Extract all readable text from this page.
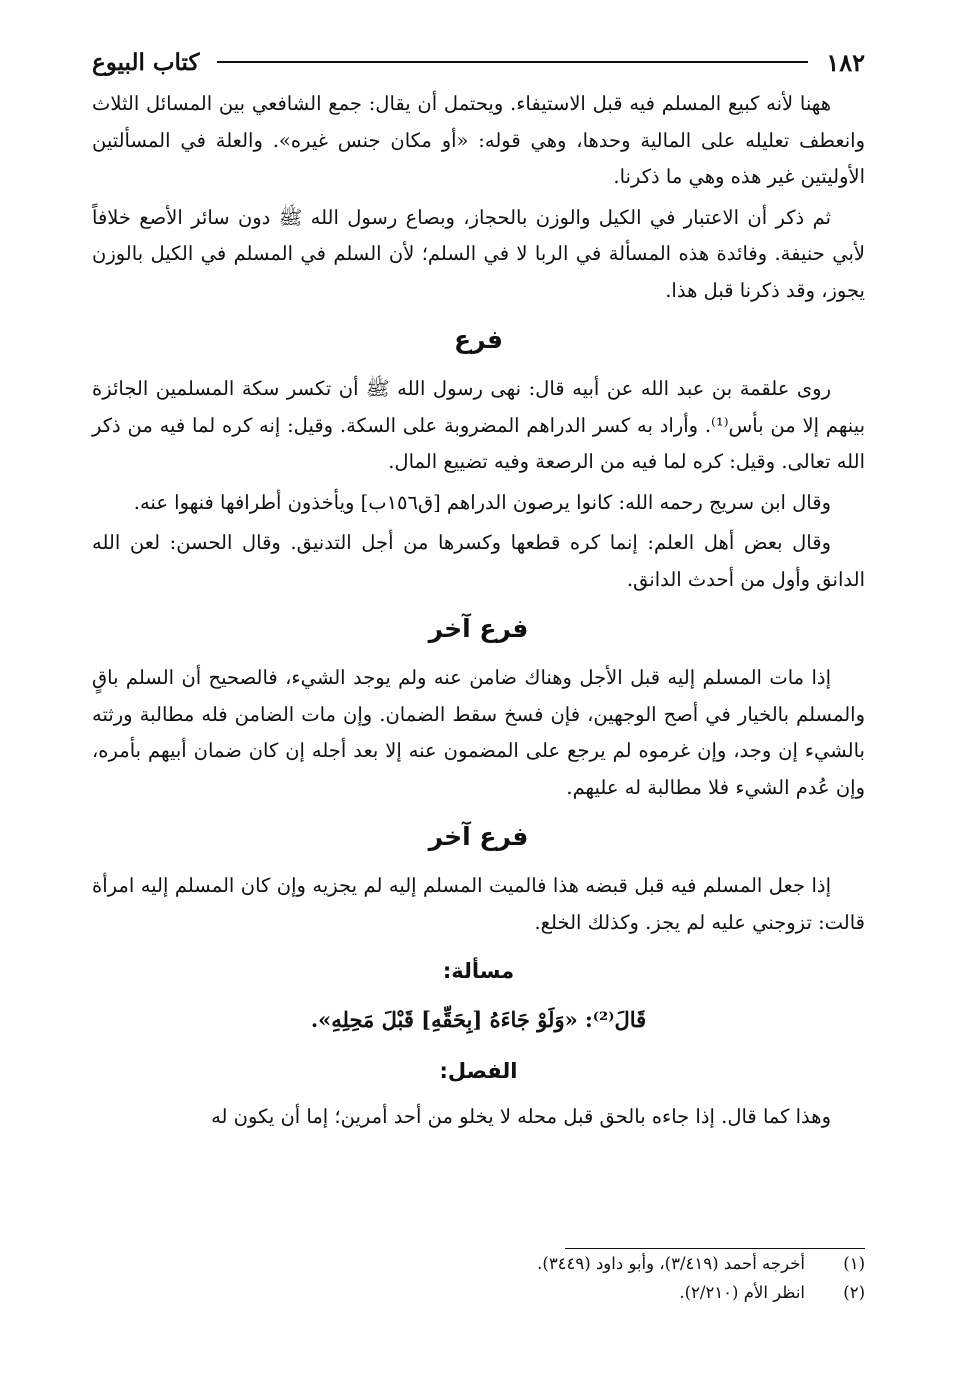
١٨٢
كتاب البيوع

ههنا لأنه كبيع المسلم فيه قبل الاستيفاء. ويحتمل أن يقال: جمع الشافعي بين المسائل الثلاث وانعطف تعليله على المالية وحدها، وهي قوله: «أو مكان جنس غيره». والعلة في المسألتين الأوليتين غير هذه وهي ما ذكرنا.

ثم ذكر أن الاعتبار في الكيل والوزن بالحجاز، وبصاع رسول الله ﷺ دون سائر الأصع خلافاً لأبي حنيفة. وفائدة هذه المسألة في الربا لا في السلم؛ لأن السلم في المسلم في الكيل بالوزن يجوز، وقد ذكرنا قبل هذا.

فرع

روى علقمة بن عبد الله عن أبيه قال: نهى رسول الله ﷺ أن تكسر سكة المسلمين الجائزة بينهم إلا من بأس⁽¹⁾. وأراد به كسر الدراهم المضروبة على السكة. وقيل: إنه كره لما فيه من ذكر الله تعالى. وقيل: كره لما فيه من الرصعة وفيه تضييع المال.

وقال ابن سريج رحمه الله: كانوا يرصون الدراهم [ق١٥٦ب] ويأخذون أطرافها فنهوا عنه.

وقال بعض أهل العلم: إنما كره قطعها وكسرها من أجل التدنيق. وقال الحسن: لعن الله الدانق وأول من أحدث الدانق.

فرع آخر

إذا مات المسلم إليه قبل الأجل وهناك ضامن عنه ولم يوجد الشيء، فالصحيح أن السلم باقٍ والمسلم بالخيار في أصح الوجهين، فإن فسخ سقط الضمان. وإن مات الضامن فله مطالبة ورثته بالشيء إن وجد، وإن غرموه لم يرجع على المضمون عنه إلا بعد أجله إن كان ضمان أبيهم بأمره، وإن عُدم الشيء فلا مطالبة له عليهم.

فرع آخر

إذا جعل المسلم فيه قبل قبضه هذا فالميت المسلم إليه لم يجزيه وإن كان المسلم إليه امرأة قالت: تزوجني عليه لم يجز. وكذلك الخلع.

مسألة:

قَالَ⁽²⁾: «وَلَوْ جَاءَهُ [بِحَقِّهِ] قَبْلَ مَحِلِهِ».

الفصل:

وهذا كما قال. إذا جاءه بالحق قبل محله لا يخلو من أحد أمرين؛ إما أن يكون له

(١)أخرجه أحمد (٣/٤١٩)، وأبو داود (٣٤٤٩).

(٢)انظر الأم (٢/٢١٠).
